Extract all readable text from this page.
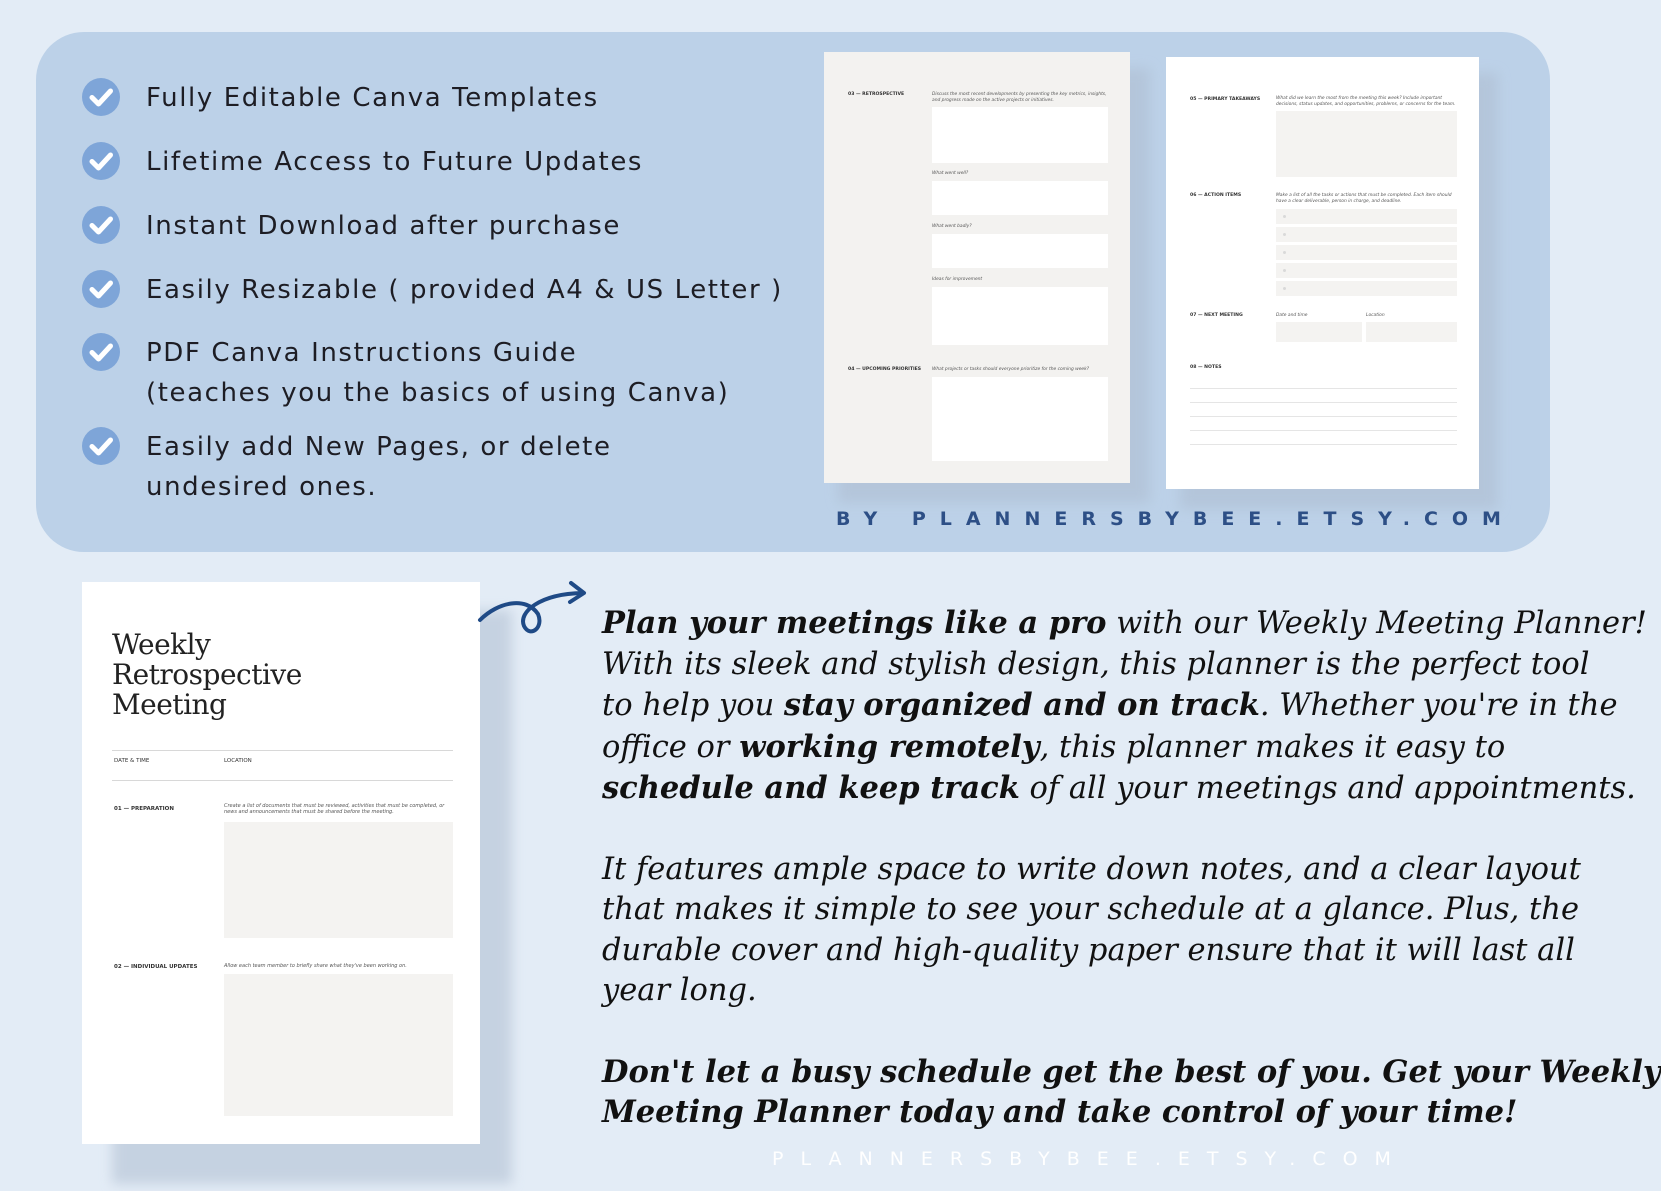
Fully Editable Canva Templates
Lifetime Access to Future Updates
Instant Download after purchase
Easily Resizable ( provided A4 & US Letter )
PDF Canva Instructions Guide
(teaches you the basics of using Canva)
Easily add New Pages, or delete
undesired ones.
03 — RETROSPECTIVE	Discuss the most recent developments by presenting the key metrics, insights, and progress made on the active projects or initiatives.
What went well?
What went badly?
Ideas for improvement
04 — UPCOMING PRIORITIES What projects or tasks should everyone prioritize for the coming week?
05 — PRIMARY TAKEAWAYS	What did we learn the most from the meeting this week? Include important decisions, status updates, and opportunities, problems, or concerns for the team.
06 — ACTION ITEMS	Make a list of all the tasks or actions that must be completed. Each item should have a clear deliverable, person in charge, and deadline.
07 — NEXT MEETING	Date and time	Location
08 — NOTES
BY PLANNERSBYBEE.ETSY.COM
Weekly
Retrospective
Meeting
DATE & TIME	LOCATION
01 — PREPARATION	Create a list of documents that must be reviewed, activities that must be completed, or news and announcements that must be shared before the meeting.
02 — INDIVIDUAL UPDATES	Allow each team member to briefly share what they've been working on.

Plan your meetings like a pro with our Weekly Meeting Planner!
With its sleek and stylish design, this planner is the perfect tool
to help you stay organized and on track. Whether you're in the
office or working remotely, this planner makes it easy to
schedule and keep track of all your meetings and appointments.

It features ample space to write down notes, and a clear layout
that makes it simple to see your schedule at a glance. Plus, the
durable cover and high-quality paper ensure that it will last all
year long.

Don't let a busy schedule get the best of you. Get your Weekly
Meeting Planner today and take control of your time!

PLANNERSBYBEE.ETSY.COM
